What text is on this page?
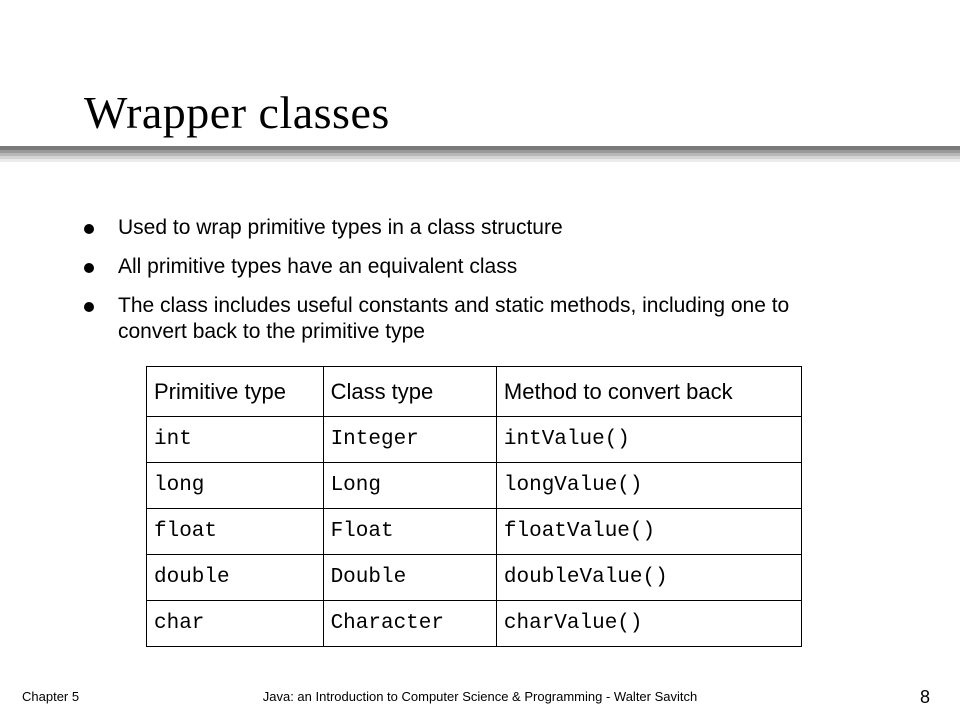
Wrapper classes
Used to wrap primitive types in a class structure
All primitive types have an equivalent class
The class includes useful constants and static methods, including one to convert back to the primitive type
Primitive type	Class type	Method to convert back
int	Integer	intValue()
long	Long	longValue()
float	Float	floatValue()
double	Double	doubleValue()
char	Character	charValue()
Chapter 5	Java: an Introduction to Computer Science & Programming - Walter Savitch	8
